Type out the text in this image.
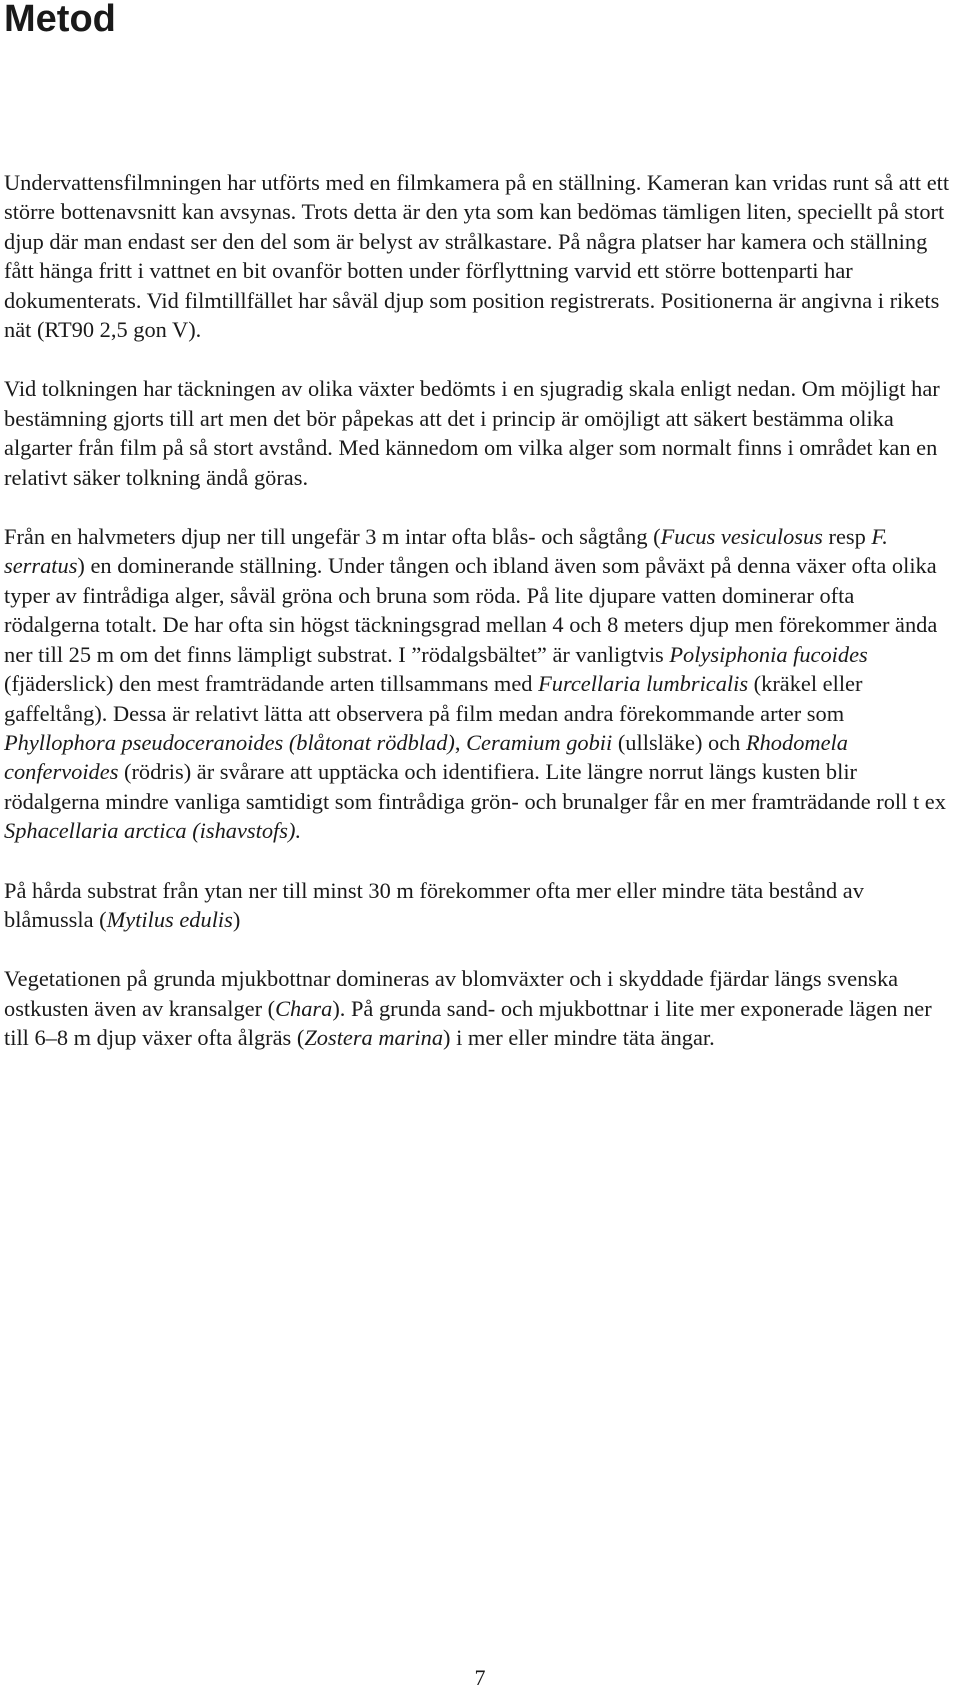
Metod

Undervattensfilmningen har utförts med en filmkamera på en ställning. Kameran kan vridas runt så att ett större bottenavsnitt kan avsynas. Trots detta är den yta som kan bedömas tämligen liten, speciellt på stort djup där man endast ser den del som är belyst av strålkastare. På några platser har kamera och ställning fått hänga fritt i vattnet en bit ovanför botten under förflyttning varvid ett större bottenparti har dokumenterats. Vid filmtillfället har såväl djup som position registrerats. Positionerna är angivna i rikets nät (RT90 2,5 gon V).

Vid tolkningen har täckningen av olika växter bedömts i en sjugradig skala enligt nedan. Om möjligt har bestämning gjorts till art men det bör påpekas att det i princip är omöjligt att säkert bestämma olika algarter från film på så stort avstånd. Med kännedom om vilka alger som normalt finns i området kan en relativt säker tolkning ändå göras.

Från en halvmeters djup ner till ungefär 3 m intar ofta blås- och sågtång (Fucus vesiculosus resp F. serratus) en dominerande ställning. Under tången och ibland även som påväxt på denna växer ofta olika typer av fintrådiga alger, såväl gröna och bruna som röda. På lite djupare vatten dominerar ofta rödalgerna totalt. De har ofta sin högst täckningsgrad mellan 4 och 8 meters djup men förekommer ända ner till 25 m om det finns lämpligt substrat. I ”rödalgsbältet” är vanligtvis Polysiphonia fucoides (fjäderslick) den mest framträdande arten tillsammans med Furcellaria lumbricalis (kräkel eller gaffeltång). Dessa är relativt lätta att observera på film medan andra förekommande arter som Phyllophora pseudoceranoides (blåtonat rödblad), Ceramium gobii (ullsläke) och Rhodomela confervoides (rödris) är svårare att upptäcka och identifiera. Lite längre norrut längs kusten blir rödalgerna mindre vanliga samtidigt som fintrådiga grön- och brunalger får en mer framträdande roll t ex Sphacellaria arctica (ishavstofs).

På hårda substrat från ytan ner till minst 30 m förekommer ofta mer eller mindre täta bestånd av blåmussla (Mytilus edulis)

Vegetationen på grunda mjukbottnar domineras av blomväxter och i skyddade fjärdar längs svenska ostkusten även av kransalger (Chara). På grunda sand- och mjukbottnar i lite mer exponerade lägen ner till 6–8 m djup växer ofta ålgräs (Zostera marina) i mer eller mindre täta ängar.

7
